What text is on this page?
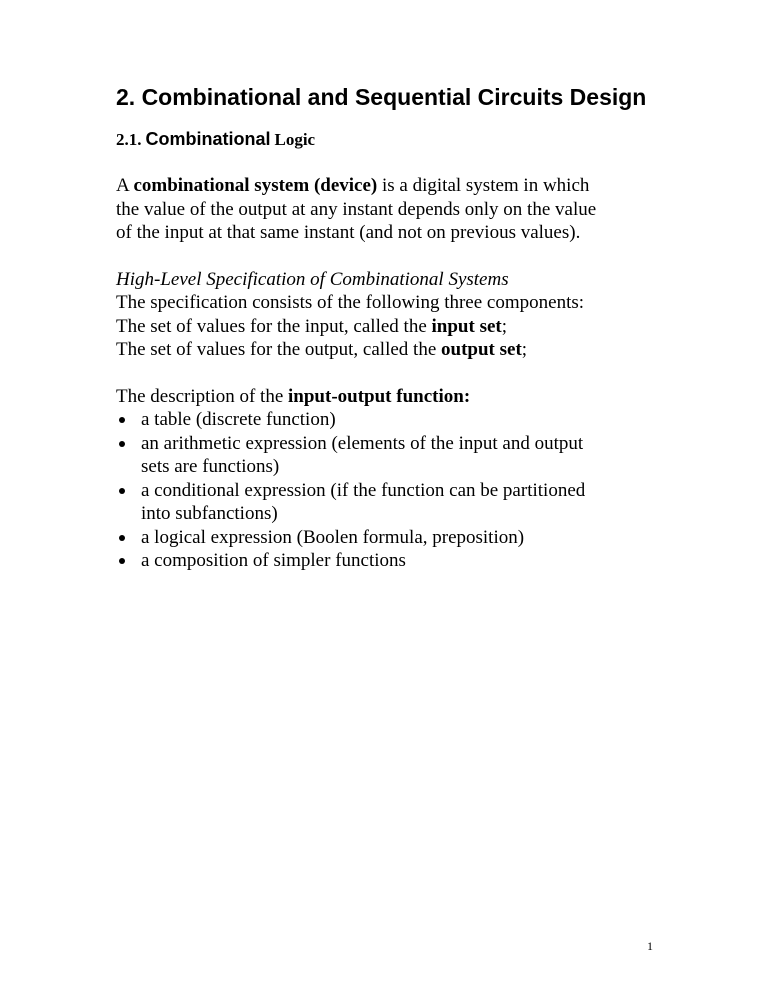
2. Combinational and Sequential Circuits Design
2.1. Combinational Logic
A combinational system (device) is a digital system in which
the value of the output at any instant depends only on the value
of the input at that same instant (and not on previous values).
High-Level Specification of Combinational Systems
The specification consists of the following three components:
The set of values for the input, called the input set;
The set of values for the output, called the output set;
The description of the input-output function:
a table (discrete function)
an arithmetic expression (elements of the input and output
sets are functions)
a conditional expression (if the function can be partitioned
into subfanctions)
a logical expression (Boolen formula, preposition)
a composition of simpler functions
1
